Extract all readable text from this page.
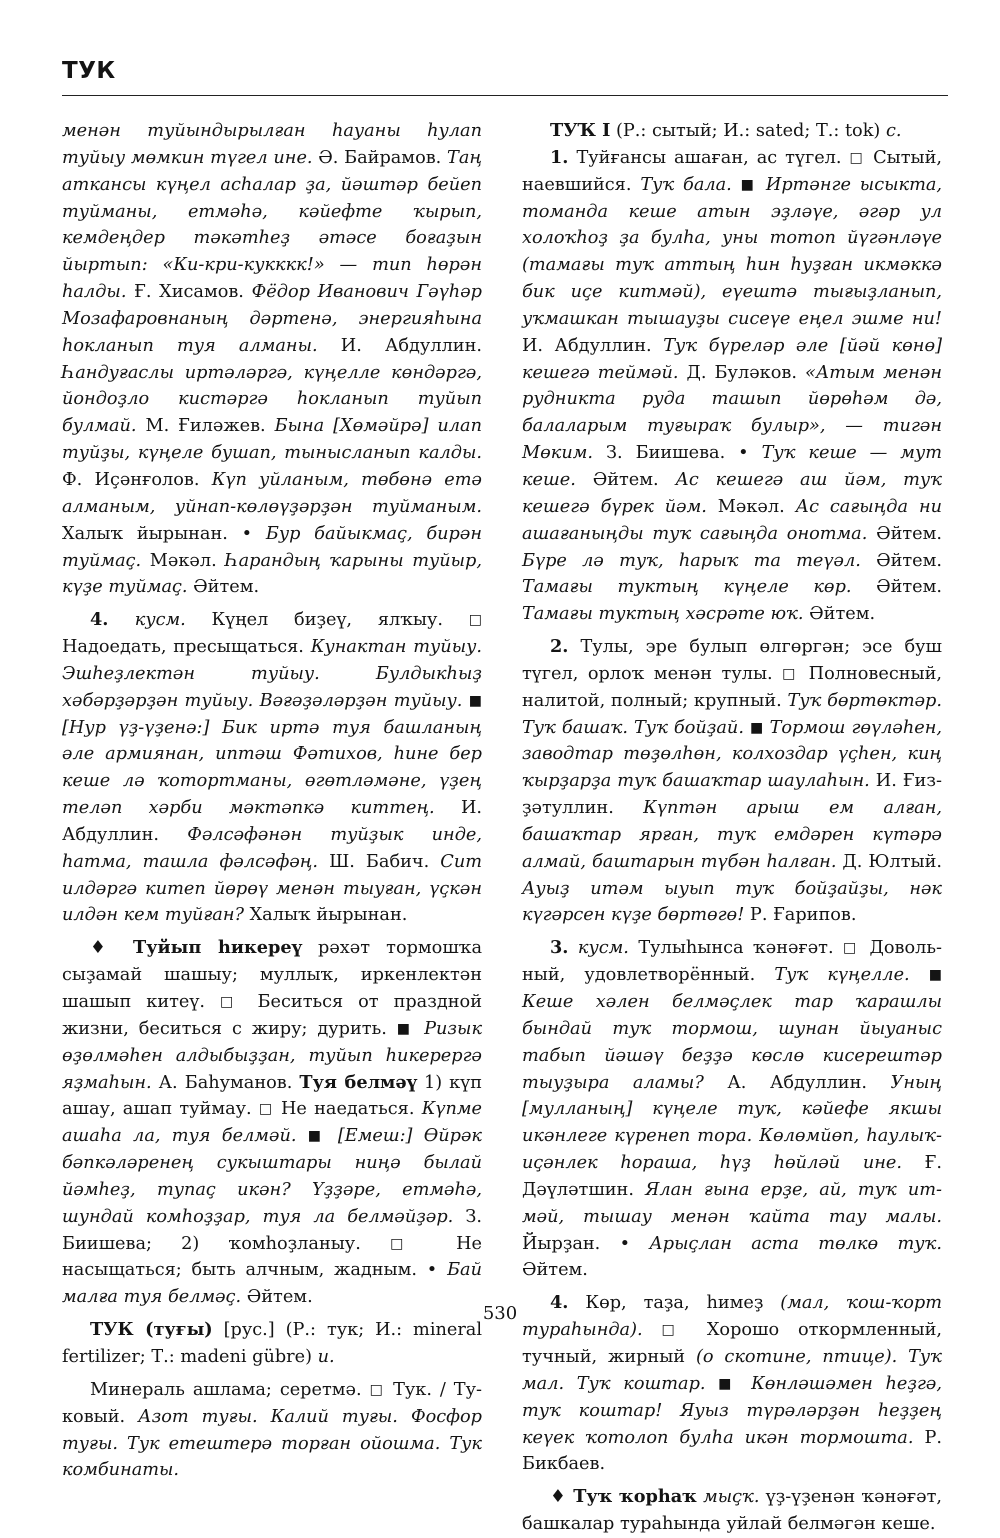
ТУК

менән туйындырылған һауаны һулап туйыу мөмкин түгел ине. Ә. Байрамов. Таң аткансы күңел асһалар ҙа, йәштәр бейеп туйманы, етмәһә, кәйефте ҡырып, кемдеңдер тәкәтһеҙ әтәсе боғаҙын йыртып: «Ки-кри-кукккк!» — тип һөрән һалды. Ғ. Хисамов. Фёдор Иванович Гәүһәр Мозафаровнаның дәртенә, энергияһына һокланып туя алманы. И. Абдуллин. Һандуғаслы иртәләргә, күңелле көндәргә, йондоҙло кистәргә һокланып туйып булмай. М. Ғиләжев. Бына [Хөмәйрә] илап туйҙы, күңеле бушап, тынысланып калды. Ф. Иҫәнғолов. Күп уйланым, төбөнә етә алманым, уйнап-көлөүҙәрҙән туйманым. Халыҡ йырынан. • Бур байыкмаҫ, бирән туймаҫ. Мәкәл. Һарандың ҡарыны туйыр, күҙе туймаҫ. Әйтем.

4. кусм. Күңел биҙеү, ялҡыу. □ Надоедать, пресыщаться. Кунактан туйыу. Эшһеҙлектән туйыу. Булдыкһыҙ хәбәрҙәрҙән туйыу. Вәғәҙәләрҙән туйыу. ■ [Нур үҙ-үҙенә:] Бик иртә туя башланың әле армиянан, иптәш Фәтихов, һине бер кеше лә ҡотортманы, өгөтләмәне, үҙең теләп хәрби мәктәпкә киттең. И. Абдуллин. Фәлсәфәнән туйҙык инде, һатма, ташла фәлсәфәң. Ш. Бабич. Сит илдәргә китеп йөрөү менән тыуған, үҫкән илдән кем туйған? Халыҡ йырынан.

♦ Туйып һикереү рәхәт тормошҡа сыҙамай шашыу; муллыҡ, иркенлектән шашып китеү. □ Беситься от праздной жизни, беситься с жиру; дурить. ■ Ризык өҙөлмәһен алдыбыҙҙан, туйып һикерергә яҙмаһын. А. Баһуманов. Туя белмәү 1) күп ашау, ашап туймау. □ Не наедаться. Күпме ашаһа ла, туя белмәй. ■ [Емеш:] Өйрәк бәпкәләренең сукыштары ниңә былай йәмһеҙ, тупаҫ икән? Үҙҙәре, етмәһә, шундай комһоҙҙар, туя ла белмәйҙәр. З. Биишева; 2) ҡомһоҙланыу. □ Не насыщаться; быть алчным, жадным. • Бай малға туя белмәҫ. Әйтем.

ТУК (туғы) [рус.] (Р.: тук; И.: mineral fertilizer; Т.: madeni gübre) и.

Минераль ашлама; серетмә. □ Тук. / Туковый. Азот туғы. Калий туғы. Фосфор туғы. Тук етештерә торған ойошма. Тук комбинаты.

ТУҠ I (Р.: сытый; И.: sated; Т.: tok) с.

1. Туйғансы ашаған, ас түгел. □ Сытый, наевшийся. Туҡ бала. ■ Иртәнге ысыкта, томанда кеше атын эҙләүе, әгәр ул холоҡһоҙ ҙа булһа, уны тотоп йүгәнләүе (тамағы туҡ аттың һин һуҙған икмәккә бик иҫе китмәй), еүештә тығыҙланып, уҡмашкан тышауҙы сисеүе еңел эшме ни! И. Абдуллин. Туҡ бүреләр әле [йәй көнө] кешегә теймәй. Д. Буләков. «Атым менән рудникта руда ташып йөрөһәм дә, балаларым туғыраҡ булыр», — тигән Мөким. З. Биишева. • Туҡ кеше — мут кеше. Әйтем. Ас кешегә аш йәм, туҡ кешегә бүрек йәм. Мәкәл. Ас сағыңда ни ашағаныңды туҡ сағыңда онотма. Әйтем. Бүре лә туҡ, һарыҡ та теүәл. Әйтем. Тамағы туктың күңеле көр. Әйтем. Тамағы туктың хәсрәте юҡ. Әйтем.

2. Тулы, эре булып өлгөргән; эсе буш түгел, орлоҡ менән тулы. □ Полновесный, налитой, полный; крупный. Туҡ бөртөктәр. Туҡ башаҡ. Туҡ бойҙай. ■ Тормош гөүләһен, заводтар төҙөлһөн, колхоздар үҫһен, киң ҡырҙарҙа туҡ башаҡтар шаулаһын. И. Ғизҙәтуллин. Күптән арыш ем алған, башаҡтар ярған, туҡ емдәрен күтәрә алмай, баштарын түбән һалған. Д. Юлтый. Ауыҙ итәм ыуып туҡ бойҙайҙы, нәк күгәрсен күҙе бөртөгө! Р. Ғарипов.

3. кусм. Тулыһынса ҡәнәғәт. □ Довольный, удовлетворённый. Туҡ күңелле. ■ Кеше хәлен белмәҫлек тар ҡарашлы бындай туҡ тормош, шунан йыуаныс табып йәшәү беҙҙә көслө кисерештәр тыуҙыра аламы? А. Абдуллин. Уның [мулланың] күңеле туҡ, кәйефе якшы икәнлеге күренеп тора. Көлөмйөп, һаулыҡ-иҫәнлек һораша, һүҙ һөйләй ине. Ғ. Дәүләтшин. Ялан ғына ерҙе, ай, туҡ итмәй, тышау менән ҡайта тау малы. Йырҙан. • Арыҫлан аста төлкө туҡ. Әйтем.

4. Көр, таҙа, һимеҙ (мал, ҡош-ҡорт тураһында). □ Хорошо откормленный, тучный, жирный (о скотине, птице). Туҡ мал. Туҡ коштар. ■ Көнләшәмен һеҙгә, туҡ коштар! Яуыз түрәләрҙән һеҙҙең кеүек ҡотолоп булһа икән тормошта. Р. Бикбаев.

♦ Туҡ ҡорһаҡ мыҫҡ. үҙ-үҙенән ҡәнәғәт, башкалар тураһында уйлай белмәгән кеше.

530
